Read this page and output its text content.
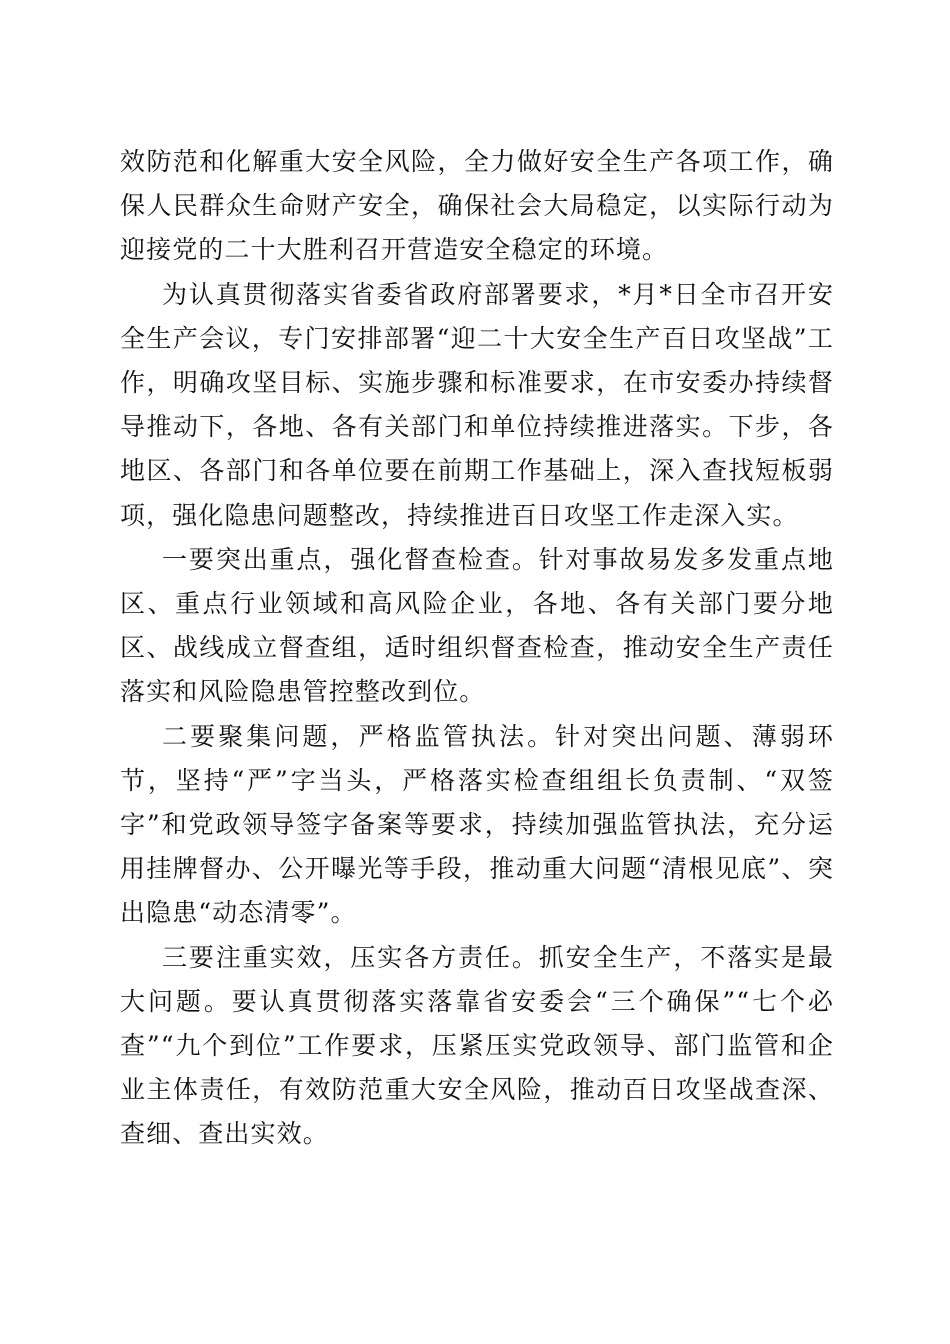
效防范和化解重大安全风险，全力做好安全生产各项工作，确保人民群众生命财产安全，确保社会大局稳定，以实际行动为迎接党的二十大胜利召开营造安全稳定的环境。

为认真贯彻落实省委省政府部署要求，*月*日全市召开安全生产会议，专门安排部署“迎二十大安全生产百日攻坚战”工作，明确攻坚目标、实施步骤和标准要求，在市安委办持续督导推动下，各地、各有关部门和单位持续推进落实。下步，各地区、各部门和各单位要在前期工作基础上，深入查找短板弱项，强化隐患问题整改，持续推进百日攻坚工作走深入实。

一要突出重点，强化督查检查。针对事故易发多发重点地区、重点行业领域和高风险企业，各地、各有关部门要分地区、战线成立督查组，适时组织督查检查，推动安全生产责任落实和风险隐患管控整改到位。

二要聚集问题，严格监管执法。针对突出问题、薄弱环节，坚持“严”字当头，严格落实检查组组长负责制、“双签字”和党政领导签字备案等要求，持续加强监管执法，充分运用挂牌督办、公开曝光等手段，推动重大问题“清根见底”、突出隐患“动态清零”。

三要注重实效，压实各方责任。抓安全生产，不落实是最大问题。要认真贯彻落实落靠省安委会“三个确保”“七个必查”“九个到位”工作要求，压紧压实党政领导、部门监管和企业主体责任，有效防范重大安全风险，推动百日攻坚战查深、查细、查出实效。
